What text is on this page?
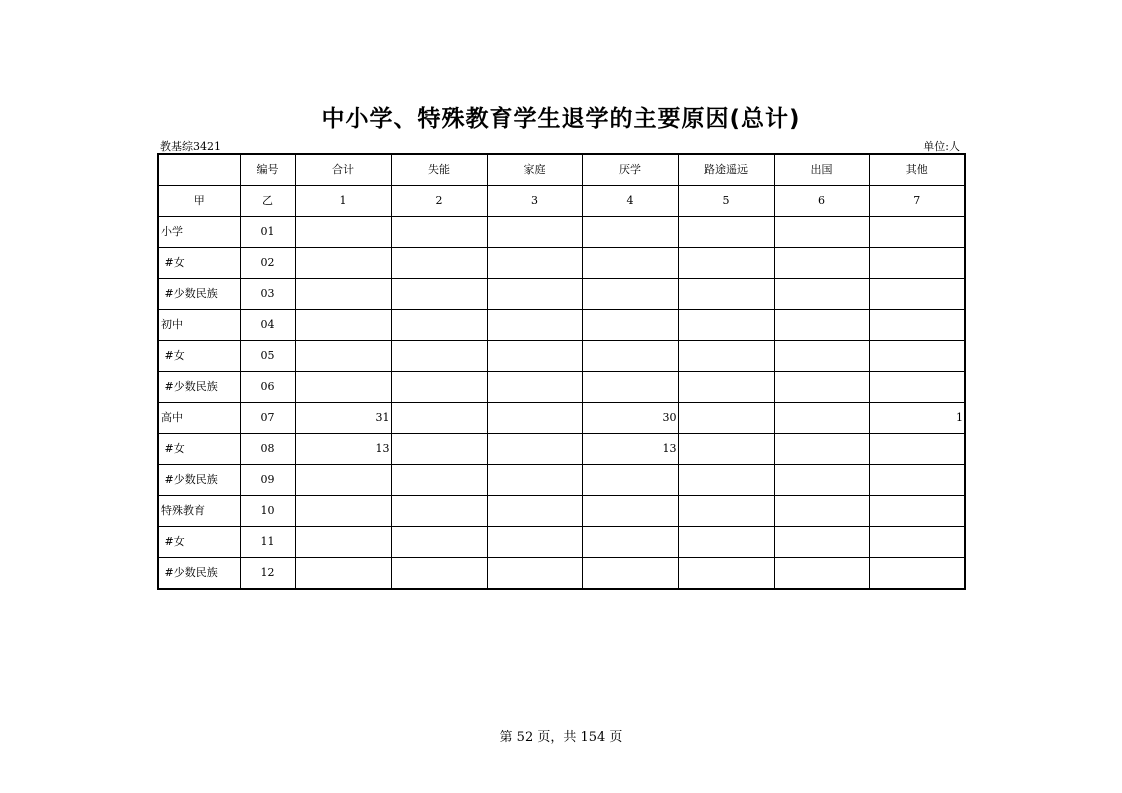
中小学、特殊教育学生退学的主要原因(总计)
教基综3421	单位:人
	编号	合计	失能	家庭	厌学	路途遥远	出国	其他
甲	乙	1	2	3	4	5	6	7
小学	01							
#女	02							
#少数民族	03							
初中	04							
#女	05							
#少数民族	06							
高中	07	31			30			1
#女	08	13			13			
#少数民族	09							
特殊教育	10							
#女	11							
#少数民族	12							
第 52 页，共 154 页
